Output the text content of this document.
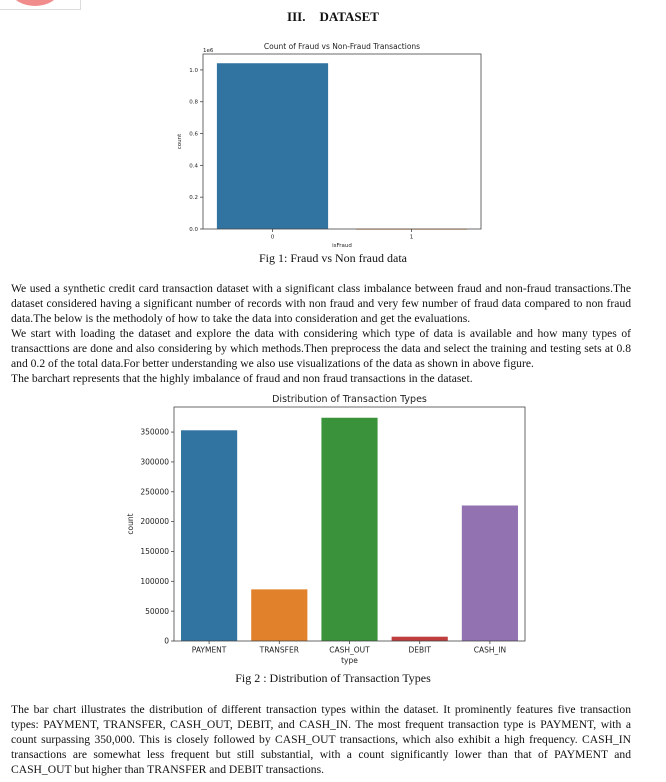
III. DATASET
Count of Fraud vs Non-Fraud Transactions
0.0
0.2
0.4
0.6
0.8
1.0
0	1
isFraud
count
1e6
Fig 1: Fraud vs Non fraud data

We used a synthetic credit card transaction dataset with a significant class imbalance between fraud and non-fraud transactions.The dataset considered having a significant number of records with non fraud and very few number of fraud data compared to non fraud data.The below is the methodoly of how to take the data into consideration and get the evaluations.

We start with loading the dataset and explore the data with considering which type of data is available and how many types of transacttions are done and also considering by which methods.Then preprocess the data and select the training and testing sets at 0.8 and 0.2 of the total data.For better understanding we also use visualizations of the data as shown in above figure.

The barchart represents that the highly imbalance of fraud and non fraud transactions in the dataset.

Distribution of Transaction Types
0
50000
100000
150000
200000
250000
300000
350000
PAYMENT	TRANSFER	CASH_OUT	DEBIT	CASH_IN
type
count
Fig 2 : Distribution of Transaction Types

The bar chart illustrates the distribution of different transaction types within the dataset. It prominently features five transaction types: PAYMENT, TRANSFER, CASH_OUT, DEBIT, and CASH_IN. The most frequent transaction type is PAYMENT, with a count surpassing 350,000. This is closely followed by CASH_OUT transactions, which also exhibit a high frequency. CASH_IN transactions are somewhat less frequent but still substantial, with a count significantly lower than that of PAYMENT and CASH_OUT but higher than TRANSFER and DEBIT transactions.
